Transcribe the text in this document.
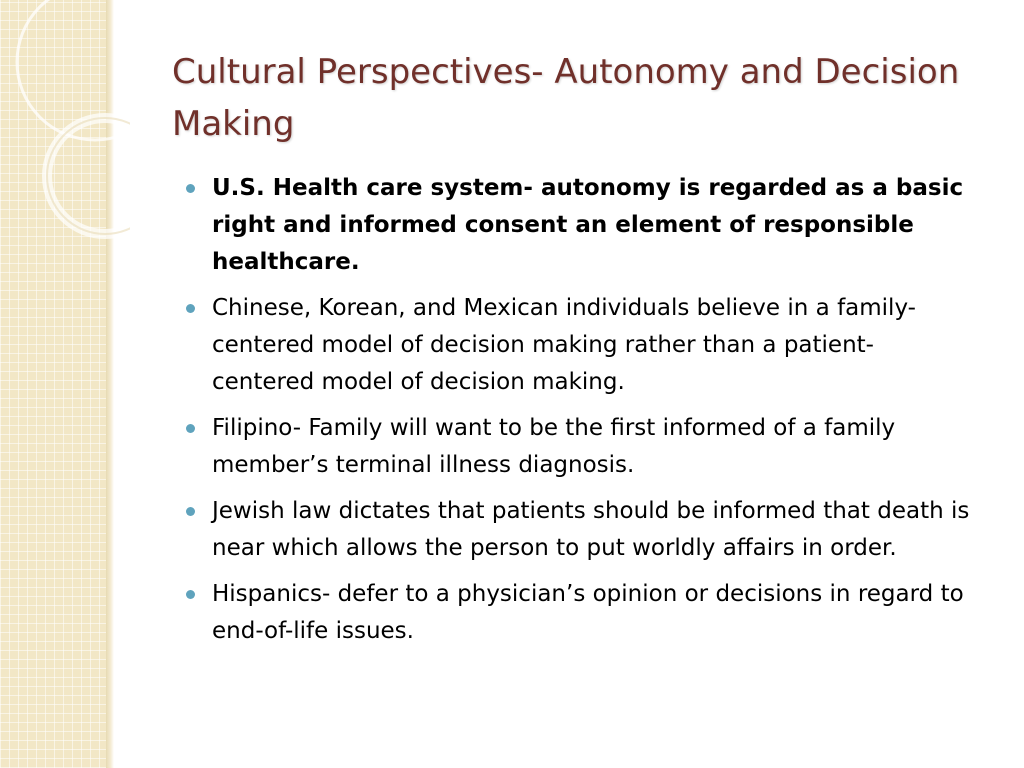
Cultural Perspectives- Autonomy and Decision Making
U.S. Health care system- autonomy is regarded as a basic right and informed consent an element of responsible healthcare.
Chinese, Korean, and Mexican individuals believe in a family-centered model of decision making rather than a patient-centered model of decision making.
Filipino- Family will want to be the first informed of a family member’s terminal illness diagnosis.
Jewish law dictates that patients should be informed that death is near which allows the person to put worldly affairs in order.
Hispanics- defer to a physician’s opinion or decisions in regard to end-of-life issues.
